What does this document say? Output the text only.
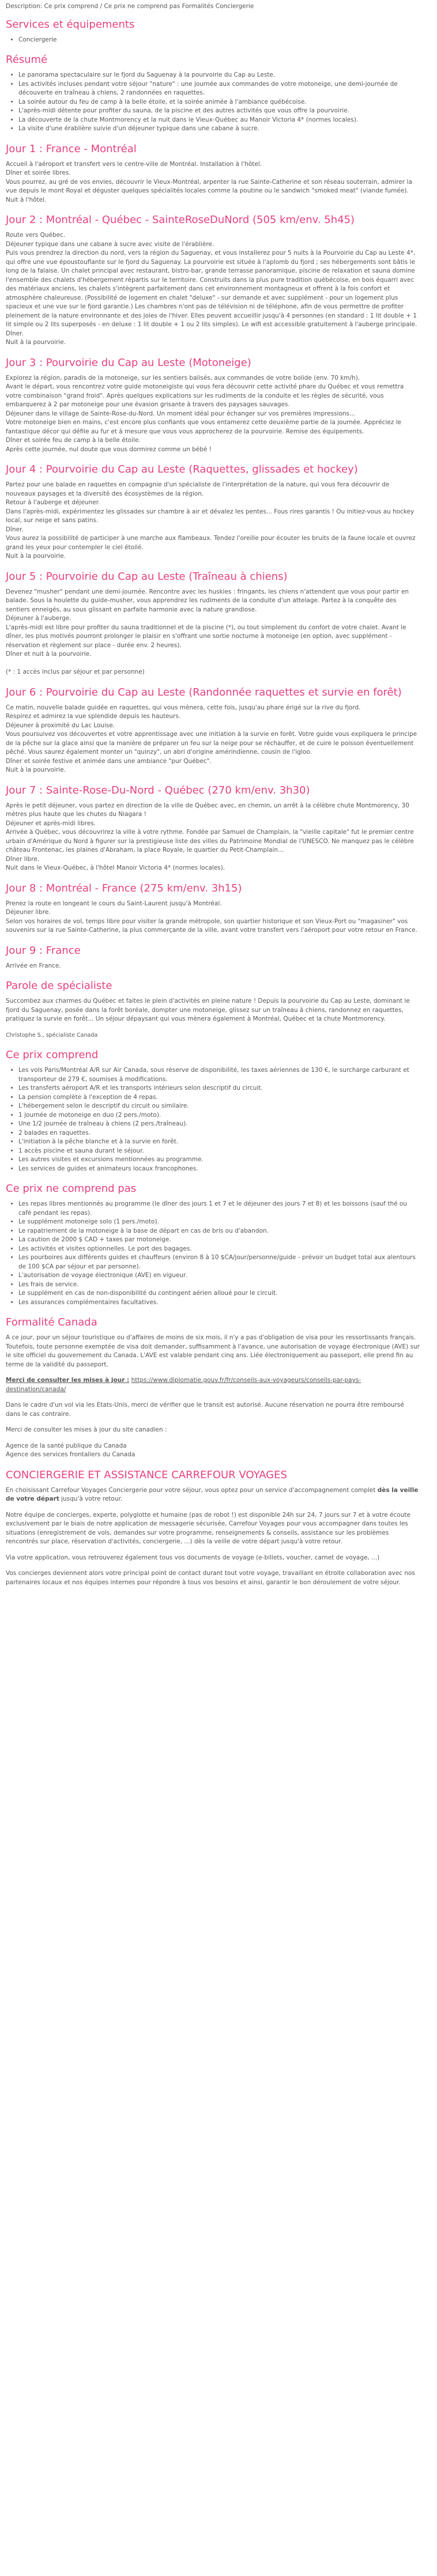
Description: Ce prix comprend / Ce prix ne comprend pas Formalités Conciergerie

Services et équipements
• Conciergerie
Résumé
• Le panorama spectaculaire sur le fjord du Saguenay à la pourvoirie du Cap au Leste.
• Les activités incluses pendant votre séjour "nature" : une journée aux commandes de votre motoneige, une demi-journée de découverte en traîneau à chiens, 2 randonnées en raquettes.
• La soirée autour du feu de camp à la belle étoile, et la soirée animée à l'ambiance québécoise.
• L'après-midi détente pour profiter du sauna, de la piscine et des autres activités que vous offre la pourvoirie.
• La découverte de la chute Montmorency et la nuit dans le Vieux-Québec au Manoir Victoria 4* (normes locales).
• La visite d'une érablière suivie d'un déjeuner typique dans une cabane à sucre.
Jour 1 : France - Montréal

Accueil à l'aéroport et transfert vers le centre-ville de Montréal. Installation à l'hôtel.

Dîner et soirée libres.

Vous pourrez, au gré de vos envies, découvrir le Vieux-Montréal, arpenter la rue Sainte-Catherine et son réseau souterrain, admirer la vue depuis le mont Royal et déguster quelques spécialités locales comme la poutine ou le sandwich "smoked meat" (viande fumée).

Nuit à l'hôtel.

Jour 2 : Montréal - Québec - SainteRoseDuNord (505 km/env. 5h45)

Route vers Québec.

Déjeuner typique dans une cabane à sucre avec visite de l'érablière.

Puis vous prendrez la direction du nord, vers la région du Saguenay, et vous installerez pour 5 nuits à la Pourvoirie du Cap au Leste 4*, qui offre une vue époustouflante sur le fjord du Saguenay. La pourvoirie est située à l'aplomb du fjord ; ses hébergements sont bâtis le long de la falaise. Un chalet principal avec restaurant, bistro-bar, grande terrasse panoramique, piscine de relaxation et sauna domine l'ensemble des chalets d'hébergement répartis sur le territoire. Construits dans la plus pure tradition québécoise, en bois équarri avec des matériaux anciens, les chalets s'intègrent parfaitement dans cet environnement montagneux et offrent à la fois confort et atmosphère chaleureuse. (Possibilité de logement en chalet "deluxe" - sur demande et avec supplément - pour un logement plus spacieux et une vue sur le fjord garantie.) Les chambres n'ont pas de télévision ni de téléphone, afin de vous permettre de profiter pleinement de la nature environnante et des joies de l'hiver. Elles peuvent accueillir jusqu'à 4 personnes (en standard : 1 lit double + 1 lit simple ou 2 lits superposés - en deluxe : 1 lit double + 1 ou 2 lits simples). Le wifi est accessible gratuitement à l'auberge principale.

Dîner.

Nuit à la pourvoirie.

Jour 3 : Pourvoirie du Cap au Leste (Motoneige)

Explorez la région, paradis de la motoneige, sur les sentiers balisés, aux commandes de votre bolide (env. 70 km/h).

Avant le départ, vous rencontrez votre guide motoneigiste qui vous fera découvrir cette activité phare du Québec et vous remettra votre combinaison "grand froid". Après quelques explications sur les rudiments de la conduite et les règles de sécurité, vous embarquerez à 2 par motoneige pour une évasion grisante à travers des paysages sauvages.

Déjeuner dans le village de Sainte-Rose-du-Nord. Un moment idéal pour échanger sur vos premières impressions...

Votre motoneige bien en mains, c'est encore plus confiants que vous entamerez cette deuxième partie de la journée. Appréciez le fantastique décor qui défile au fur et à mesure que vous vous approcherez de la pourvoirie. Remise des équipements.

Dîner et soirée feu de camp à la belle étoile.

Après cette journée, nul doute que vous dormirez comme un bébé !

Jour 4 : Pourvoirie du Cap au Leste (Raquettes, glissades et hockey)

Partez pour une balade en raquettes en compagnie d'un spécialiste de l'interprétation de la nature, qui vous fera découvrir de nouveaux paysages et la diversité des écosystèmes de la région.

Retour à l'auberge et déjeuner.

Dans l'après-midi, expérimentez les glissades sur chambre à air et dévalez les pentes... Fous rires garantis ! Ou initiez-vous au hockey local, sur neige et sans patins.

Dîner.

Vous aurez la possibilité de participer à une marche aux flambeaux. Tendez l'oreille pour écouter les bruits de la faune locale et ouvrez grand les yeux pour contempler le ciel étoilé.

Nuit à la pourvoirie.

Jour 5 : Pourvoirie du Cap au Leste (Traîneau à chiens)

Devenez "musher" pendant une demi-journée. Rencontre avec les huskies : fringants, les chiens n'attendent que vous pour partir en balade. Sous la houlette du guide-musher, vous apprendrez les rudiments de la conduite d'un attelage. Partez à la conquête des sentiers enneigés, au sous glissant en parfaite harmonie avec la nature grandiose.

Déjeuner à l'auberge.

L'après-midi est libre pour profiter du sauna traditionnel et de la piscine (*), ou tout simplement du confort de votre chalet. Avant le dîner, les plus motivés pourront prolonger le plaisir en s'offrant une sortie nocturne à motoneige (en option, avec supplément - réservation et règlement sur place - durée env. 2 heures).

Dîner et nuit à la pourvoirie.

(* : 1 accès inclus par séjour et par personne)

Jour 6 : Pourvoirie du Cap au Leste (Randonnée raquettes et survie en forêt)

Ce matin, nouvelle balade guidée en raquettes, qui vous mènera, cette fois, jusqu'au phare érigé sur la rive du fjord.

Respirez et admirez la vue splendide depuis les hauteurs.

Déjeuner à proximité du Lac Louise.

Vous poursuivez vos découvertes et votre apprentissage avec une initiation à la survie en forêt. Votre guide vous expliquera le principe de la pêche sur la glace ainsi que la manière de préparer un feu sur la neige pour se réchauffer, et de cuire le poisson éventuellement pêché. Vous saurez également monter un "quinzy", un abri d'origine amérindienne, cousin de l'igloo.

Dîner et soirée festive et animée dans une ambiance "pur Québec".

Nuit à la pourvoirie.

Jour 7 : Sainte-Rose-Du-Nord - Québec (270 km/env. 3h30)

Après le petit déjeuner, vous partez en direction de la ville de Québec avec, en chemin, un arrêt à la célèbre chute Montmorency, 30 mètres plus haute que les chutes du Niagara !

Déjeuner et après-midi libres.

Arrivée à Québec, vous découvrirez la ville à votre rythme. Fondée par Samuel de Champlain, la "vieille capitale" fut le premier centre urbain d'Amérique du Nord à figurer sur la prestigieuse liste des villes du Patrimoine Mondial de l'UNESCO. Ne manquez pas le célèbre château Frontenac, les plaines d'Abraham, la place Royale, le quartier du Petit-Champlain...

Dîner libre.

Nuit dans le Vieux-Québec, à l'hôtel Manoir Victoria 4* (normes locales).

Jour 8 : Montréal - France (275 km/env. 3h15)

Prenez la route en longeant le cours du Saint-Laurent jusqu'à Montréal.

Déjeuner libre.

Selon vos horaires de vol, temps libre pour visiter la grande métropole, son quartier historique et son Vieux-Port ou "magasiner" vos souvenirs sur la rue Sainte-Catherine, la plus commerçante de la ville, avant votre transfert vers l'aéroport pour votre retour en France.

Jour 9 : France

Arrivée en France.

Parole de spécialiste

Succombez aux charmes du Québec et faites le plein d'activités en pleine nature ! Depuis la pourvoirie du Cap au Leste, dominant le fjord du Saguenay, posée dans la forêt boréale, dompter une motoneige, glissez sur un traîneau à chiens, randonnez en raquettes, pratiquez la survie en forêt... Un séjour dépaysant qui vous mènera également à Montréal, Québec et la chute Montmorency.

Christophe S., spécialiste Canada

Ce prix comprend
• Les vols Paris/Montréal A/R sur Air Canada, sous réserve de disponibilité, les taxes aériennes de 130 €, le surcharge carburant et transporteur de 279 €, soumises à modifications.
• Les transferts aéroport A/R et les transports intérieurs selon descriptif du circuit.
• La pension complète à l'exception de 4 repas.
• L'hébergement selon le descriptif du circuit ou similaire.
• 1 journée de motoneige en duo (2 pers./moto).
• Une 1/2 journée de traîneau à chiens (2 pers./traîneau).
• 2 balades en raquettes.
• L'initiation à la pêche blanche et à la survie en forêt.
• 1 accès piscine et sauna durant le séjour.
• Les autres visites et excursions mentionnées au programme.
• Les services de guides et animateurs locaux francophones.
Ce prix ne comprend pas
• Les repas libres mentionnés au programme (le dîner des jours 1 et 7 et le déjeuner des jours 7 et 8) et les boissons (sauf thé ou café pendant les repas).
• Le supplément motoneige solo (1 pers./moto).
• Le rapatriement de la motoneige à la base de départ en cas de bris ou d'abandon.
• La caution de 2000 $ CAD + taxes par motoneige.
• Les activités et visites optionnelles. Le port des bagages.
• Les pourboires aux différents guides et chauffeurs (environ 8 à 10 $CA/jour/personne/guide - prévoir un budget total aux alentours de 100 $CA par séjour et par personne).
• L'autorisation de voyage électronique (AVE) en vigueur.
• Les frais de service.
• Le supplément en cas de non-disponibilité du contingent aérien alloué pour le circuit.
• Les assurances complémentaires facultatives.
Formalité Canada

A ce jour, pour un séjour touristique ou d'affaires de moins de six mois, il n'y a pas d'obligation de visa pour les ressortissants français. Toutefois, toute personne exemptée de visa doit demander, suffisamment à l'avance, une autorisation de voyage électronique (AVE) sur le site officiel du gouvernement du Canada. L'AVE est valable pendant cinq ans. Liée électroniquement au passeport, elle prend fin au terme de la validité du passeport.

Merci de consulter les mises à jour : https://www.diplomatie.gouv.fr/fr/conseils-aux-voyageurs/conseils-par-pays-destination/canada/

Dans le cadre d'un vol via les Etats-Unis, merci de vérifier que le transit est autorisé. Aucune réservation ne pourra être remboursé dans le cas contraire.

Merci de consulter les mises à jour du site canadien :

Agence de la santé publique du Canada

Agence des services frontaliers du Canada

CONCIERGERIE ET ASSISTANCE CARREFOUR VOYAGES

En choisissant Carrefour Voyages Conciergerie pour votre séjour, vous optez pour un service d'accompagnement complet dès la veille de votre départ jusqu'à votre retour.

Notre équipe de concierges, experte, polyglotte et humaine (pas de robot !) est disponible 24h sur 24, 7 jours sur 7 et à votre écoute exclusivement par le biais de notre application de messagerie sécurisée, Carrefour Voyages pour vous accompagner dans toutes les situations (enregistrement de vols, demandes sur votre programme, renseignements & conseils, assistance sur les problèmes rencontrés sur place, réservation d'activités, conciergerie, ...) dès la veille de votre départ jusqu'à votre retour.

Via votre application, vous retrouverez également tous vos documents de voyage (e-billets, voucher, carnet de voyage, ...)

Vos concierges deviennent alors votre principal point de contact durant tout votre voyage, travaillant en étroite collaboration avec nos partenaires locaux et nos équipes internes pour répondre à tous vos besoins et ainsi, garantir le bon déroulement de votre séjour.
